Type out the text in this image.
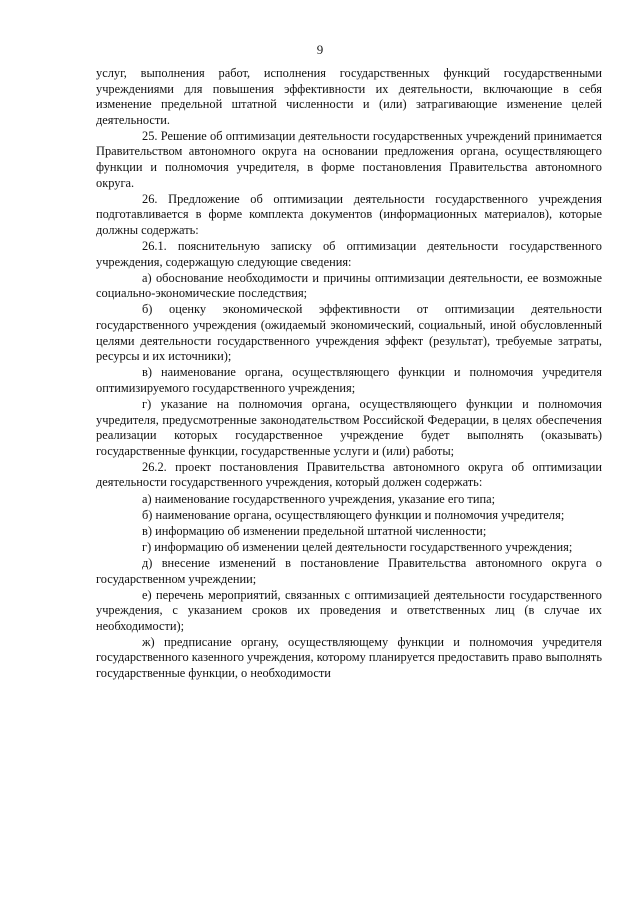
9

услуг, выполнения работ, исполнения государственных функций государственными учреждениями для повышения эффективности их деятельности, включающие в себя изменение предельной штатной численности и (или) затрагивающие изменение целей деятельности.

25. Решение об оптимизации деятельности государственных учреждений принимается Правительством автономного округа на основании предложения органа, осуществляющего функции и полномочия учредителя, в форме постановления Правительства автономного округа.

26. Предложение об оптимизации деятельности государственного учреждения подготавливается в форме комплекта документов (информационных материалов), которые должны содержать:

26.1. пояснительную записку об оптимизации деятельности государственного учреждения, содержащую следующие сведения:

а) обоснование необходимости и причины оптимизации деятельности, ее возможные социально-экономические последствия;

б) оценку экономической эффективности от оптимизации деятельности государственного учреждения (ожидаемый экономический, социальный, иной обусловленный целями деятельности государственного учреждения эффект (результат), требуемые затраты, ресурсы и их источники);

в) наименование органа, осуществляющего функции и полномочия учредителя оптимизируемого государственного учреждения;

г) указание на полномочия органа, осуществляющего функции и полномочия учредителя, предусмотренные законодательством Российской Федерации, в целях обеспечения реализации которых государственное учреждение будет выполнять (оказывать) государственные функции, государственные услуги и (или) работы;

26.2. проект постановления Правительства автономного округа об оптимизации деятельности государственного учреждения, который должен содержать:

а) наименование государственного учреждения, указание его типа;

б) наименование органа, осуществляющего функции и полномочия учредителя;

в) информацию об изменении предельной штатной численности;

г) информацию об изменении целей деятельности государственного учреждения;

д) внесение изменений в постановление Правительства автономного округа о государственном учреждении;

е) перечень мероприятий, связанных с оптимизацией деятельности государственного учреждения, с указанием сроков их проведения и ответственных лиц (в случае их необходимости);

ж) предписание органу, осуществляющему функции и полномочия учредителя государственного казенного учреждения, которому планируется предоставить право выполнять государственные функции, о необходимости
